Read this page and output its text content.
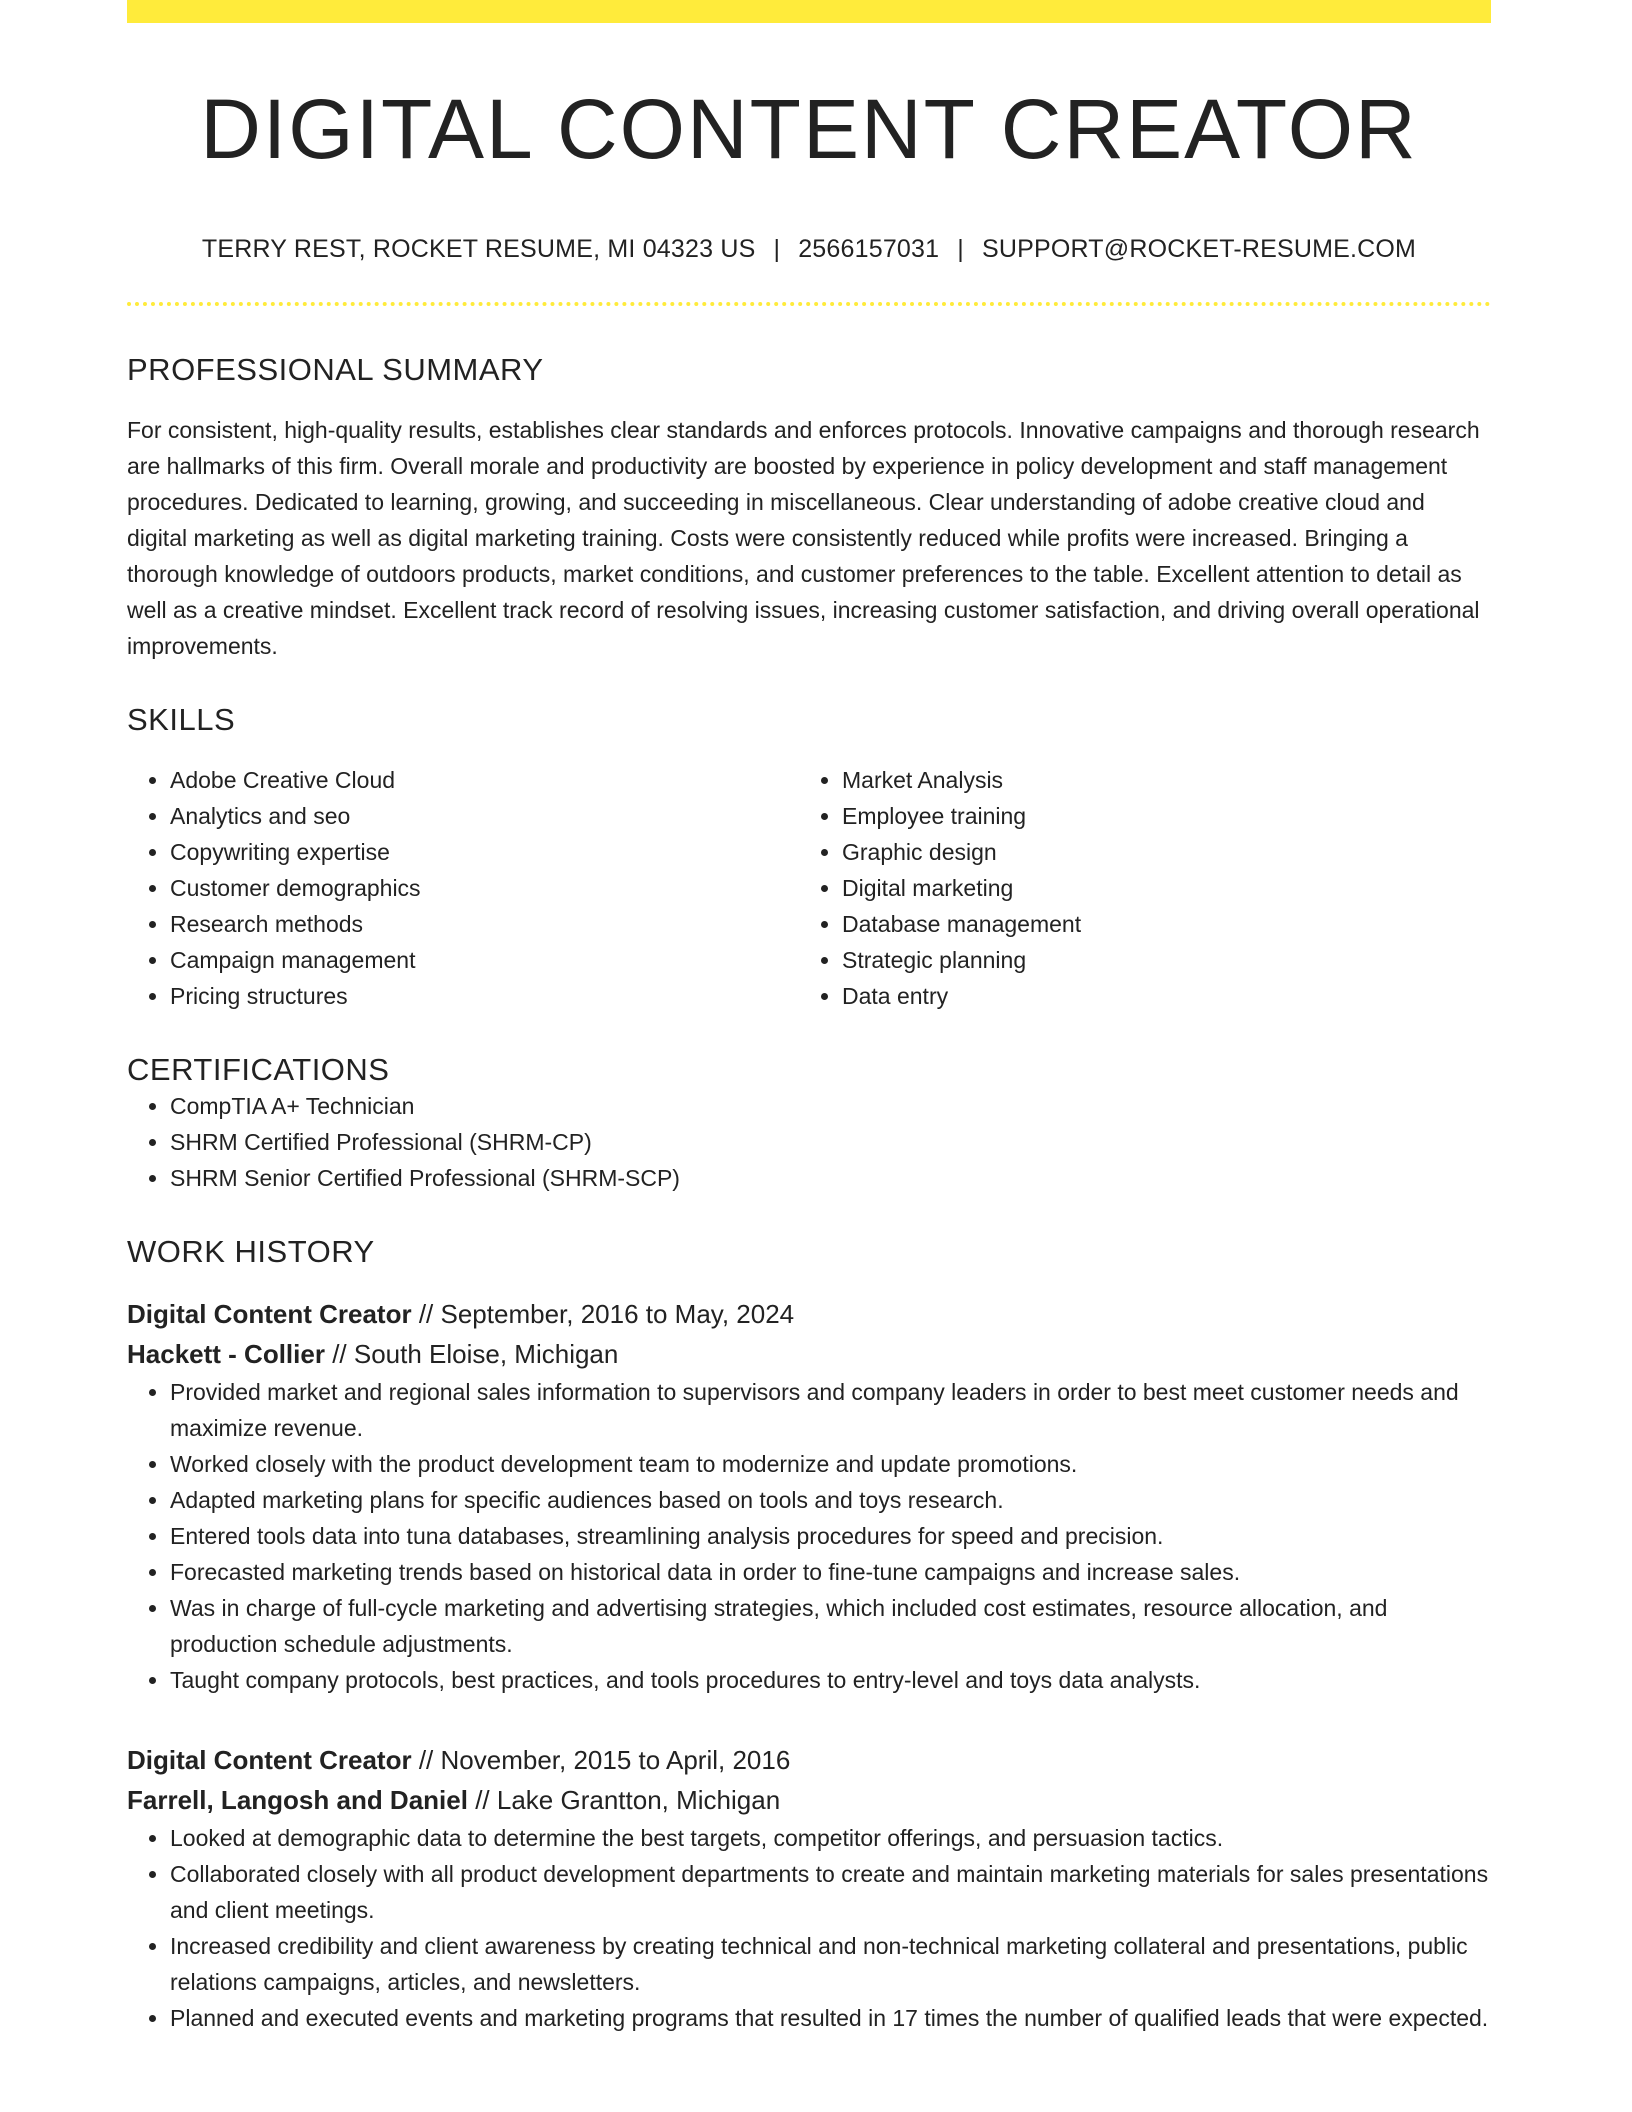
DIGITAL CONTENT CREATOR
TERRY REST, ROCKET RESUME, MI 04323 US | 2566157031 | SUPPORT@ROCKET-RESUME.COM
PROFESSIONAL SUMMARY

For consistent, high-quality results, establishes clear standards and enforces protocols. Innovative campaigns and thorough research are hallmarks of this firm. Overall morale and productivity are boosted by experience in policy development and staff management procedures. Dedicated to learning, growing, and succeeding in miscellaneous. Clear understanding of adobe creative cloud and digital marketing as well as digital marketing training. Costs were consistently reduced while profits were increased. Bringing a thorough knowledge of outdoors products, market conditions, and customer preferences to the table. Excellent attention to detail as well as a creative mindset. Excellent track record of resolving issues, increasing customer satisfaction, and driving overall operational improvements.

SKILLS
• Adobe Creative Cloud
• Analytics and seo
• Copywriting expertise
• Customer demographics
• Research methods
• Campaign management
• Pricing structures
• Market Analysis
• Employee training
• Graphic design
• Digital marketing
• Database management
• Strategic planning
• Data entry
CERTIFICATIONS
• CompTIA A+ Technician
• SHRM Certified Professional (SHRM-CP)
• SHRM Senior Certified Professional (SHRM-SCP)
WORK HISTORY
Digital Content Creator // September, 2016 to May, 2024
Hackett - Collier // South Eloise, Michigan
• Provided market and regional sales information to supervisors and company leaders in order to best meet customer needs and maximize revenue.
• Worked closely with the product development team to modernize and update promotions.
• Adapted marketing plans for specific audiences based on tools and toys research.
• Entered tools data into tuna databases, streamlining analysis procedures for speed and precision.
• Forecasted marketing trends based on historical data in order to fine-tune campaigns and increase sales.
• Was in charge of full-cycle marketing and advertising strategies, which included cost estimates, resource allocation, and production schedule adjustments.
• Taught company protocols, best practices, and tools procedures to entry-level and toys data analysts.
Digital Content Creator // November, 2015 to April, 2016
Farrell, Langosh and Daniel // Lake Grantton, Michigan
• Looked at demographic data to determine the best targets, competitor offerings, and persuasion tactics.
• Collaborated closely with all product development departments to create and maintain marketing materials for sales presentations and client meetings.
• Increased credibility and client awareness by creating technical and non-technical marketing collateral and presentations, public relations campaigns, articles, and newsletters.
• Planned and executed events and marketing programs that resulted in 17 times the number of qualified leads that were expected.
